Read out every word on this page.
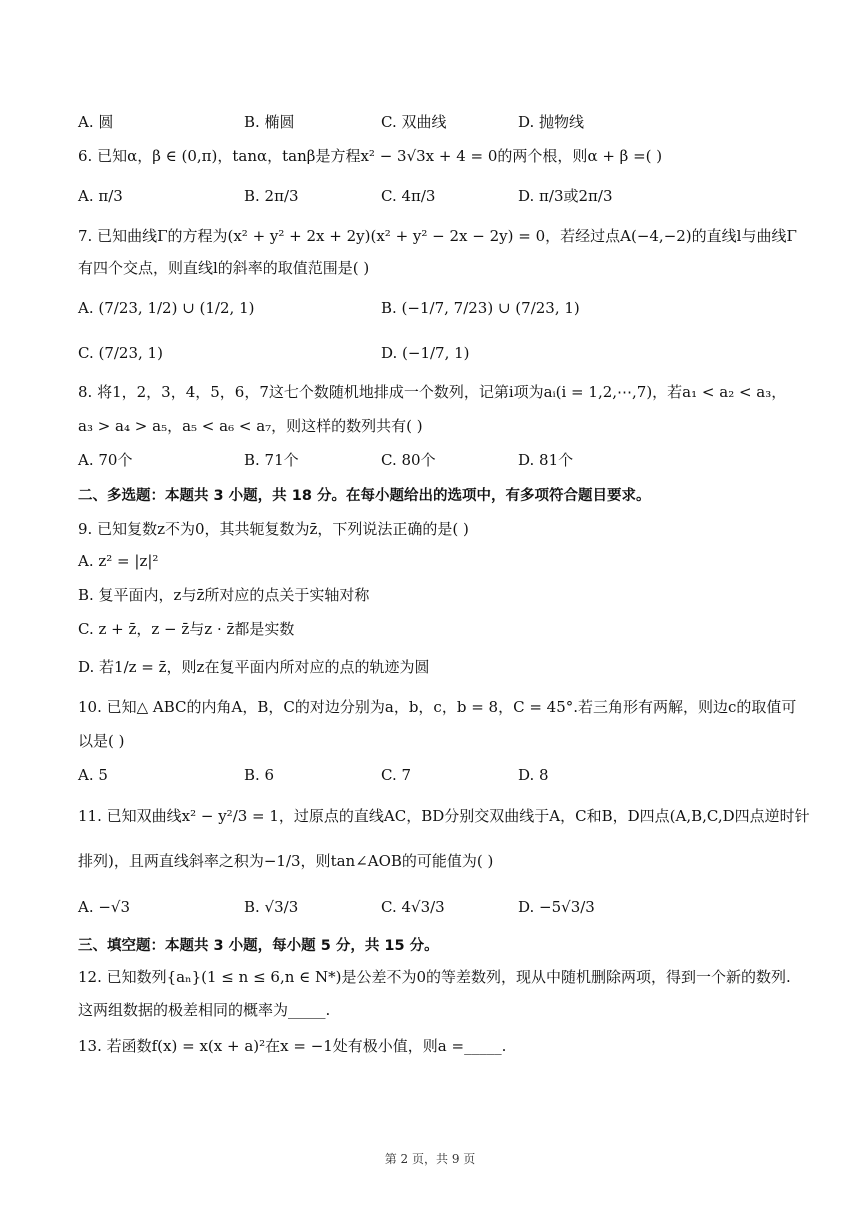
A. 圆	B. 椭圆	C. 双曲线	D. 抛物线
6. 已知α，β ∈ (0,π)，tanα，tanβ是方程x² − 3√3x + 4 = 0的两个根，则α + β =( )
A. π/3	B. 2π/3	C. 4π/3	D. π/3或2π/3
7. 已知曲线Γ的方程为(x² + y² + 2x + 2y)(x² + y² − 2x − 2y) = 0，若经过点A(−4,−2)的直线l与曲线Γ
有四个交点，则直线l的斜率的取值范围是( )
A. (7/23, 1/2) ∪ (1/2, 1)	B. (−1/7, 7/23) ∪ (7/23, 1)
C. (7/23, 1)	D. (−1/7, 1)
8. 将1，2，3，4，5，6，7这七个数随机地排成一个数列，记第i项为aᵢ(i = 1,2,⋯,7)，若a₁ < a₂ < a₃，
a₃ > a₄ > a₅，a₅ < a₆ < a₇，则这样的数列共有( )
A. 70个	B. 71个	C. 80个	D. 81个
二、多选题：本题共 3 小题，共 18 分。在每小题给出的选项中，有多项符合题目要求。
9. 已知复数z不为0，其共轭复数为z̄，下列说法正确的是( )
A. z² = |z|²
B. 复平面内，z与z̄所对应的点关于实轴对称
C. z + z̄，z − z̄与z · z̄都是实数
D. 若1/z = z̄，则z在复平面内所对应的点的轨迹为圆
10. 已知△ ABC的内角A，B，C的对边分别为a，b，c，b = 8，C = 45°.若三角形有两解，则边c的取值可
以是( )
A. 5	B. 6	C. 7	D. 8
11. 已知双曲线x² − y²/3 = 1，过原点的直线AC，BD分别交双曲线于A，C和B，D四点(A,B,C,D四点逆时针
排列)，且两直线斜率之积为−1/3，则tan∠AOB的可能值为( )
A. −√3	B. √3/3	C. 4√3/3	D. −5√3/3
三、填空题：本题共 3 小题，每小题 5 分，共 15 分。
12. 已知数列{aₙ}(1 ≤ n ≤ 6,n ∈ N*)是公差不为0的等差数列，现从中随机删除两项，得到一个新的数列.
这两组数据的极差相同的概率为_____.
13. 若函数f(x) = x(x + a)²在x = −1处有极小值，则a =_____.
第 2 页，共 9 页
